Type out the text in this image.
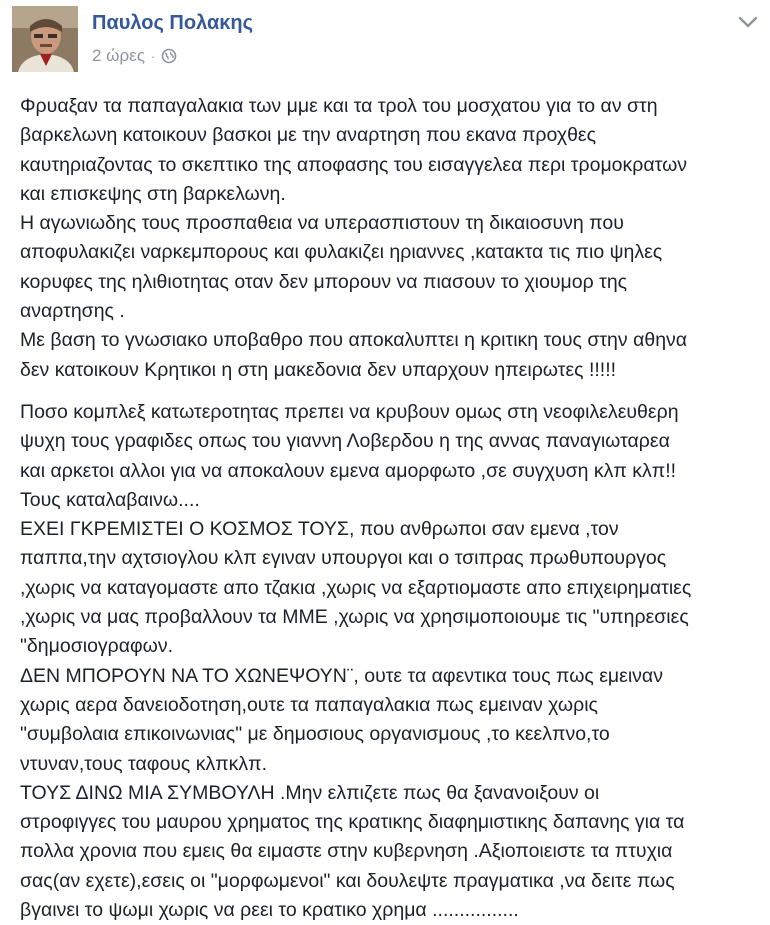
Παυλος Πολακης
2 ώρες ·
Φρυαξαν τα παπαγαλακια των μμε και τα τρολ του μοσχατου για το αν στη
βαρκελωνη κατοικουν βασκοι με την αναρτηση που εκανα προχθες
καυτηριαζοντας το σκεπτικο της αποφασης του εισαγγελεα περι τρομοκρατων
και επισκεψης στη βαρκελωνη.
Η αγωνιωδης τους προσπαθεια να υπερασπιστουν τη δικαιοσυνη που
αποφυλακιζει ναρκεμπορους και φυλακιζει ηριαννες ,κατακτα τις πιο ψηλες
κορυφες της ηλιθιοτητας οταν δεν μπορουν να πιασουν το χιουμορ της
αναρτησης .
Με βαση το γνωσιακο υποβαθρο που αποκαλυπτει η κριτικη τους στην αθηνα
δεν κατοικουν Κρητικοι η στη μακεδονια δεν υπαρχουν ηπειρωτες !!!!!
Ποσο κομπλεξ κατωτεροτητας πρεπει να κρυβουν ομως στη νεοφιλελευθερη
ψυχη τους γραφιδες οπως του γιαννη Λοβερδου η της αννας παναγιωταρεα
και αρκετοι αλλοι για να αποκαλουν εμενα αμορφωτο ,σε συγχυση κλπ κλπ!!
Τους καταλαβαινω....
ΕΧΕΙ ΓΚΡΕΜΙΣΤΕΙ Ο ΚΟΣΜΟΣ ΤΟΥΣ, που ανθρωποι σαν εμενα ,τον
παππα,την αχτσιογλου κλπ εγιναν υπουργοι και ο τσιπρας πρωθυπουργος
,χωρις να καταγομαστε απο τζακια ,χωρις να εξαρτιομαστε απο επιχειρηματιες
,χωρις να μας προβαλλουν τα ΜΜΕ ,χωρις να χρησιμοποιουμε τις "υπηρεσιες
"δημοσιογραφων.
ΔΕΝ ΜΠΟΡΟΥΝ ΝΑ ΤΟ ΧΩΝΕΨΟΥΝ¨, ουτε τα αφεντικα τους πως εμειναν
χωρις αερα δανειοδοτηση,ουτε τα παπαγαλακια πως εμειναν χωρις
"συμβολαια επικοινωνιας" με δημοσιους οργανισμους ,το κεελπνο,το
ντυναν,τους ταφους κλπκλπ.
ΤΟΥΣ ΔΙΝΩ ΜΙΑ ΣΥΜΒΟΥΛΗ .Μην ελπιζετε πως θα ξανανοιξουν οι
στροφιγγες του μαυρου χρηματος της κρατικης διαφημιστικης δαπανης για τα
πολλα χρονια που εμεις θα ειμαστε στην κυβερνηση .Αξιοποιειστε τα πτυχια
σας(αν εχετε),εσεις οι "μορφωμενοι" και δουλεψτε πραγματικα ,να δειτε πως
βγαινει το ψωμι χωρις να ρεει το κρατικο χρημα ................
